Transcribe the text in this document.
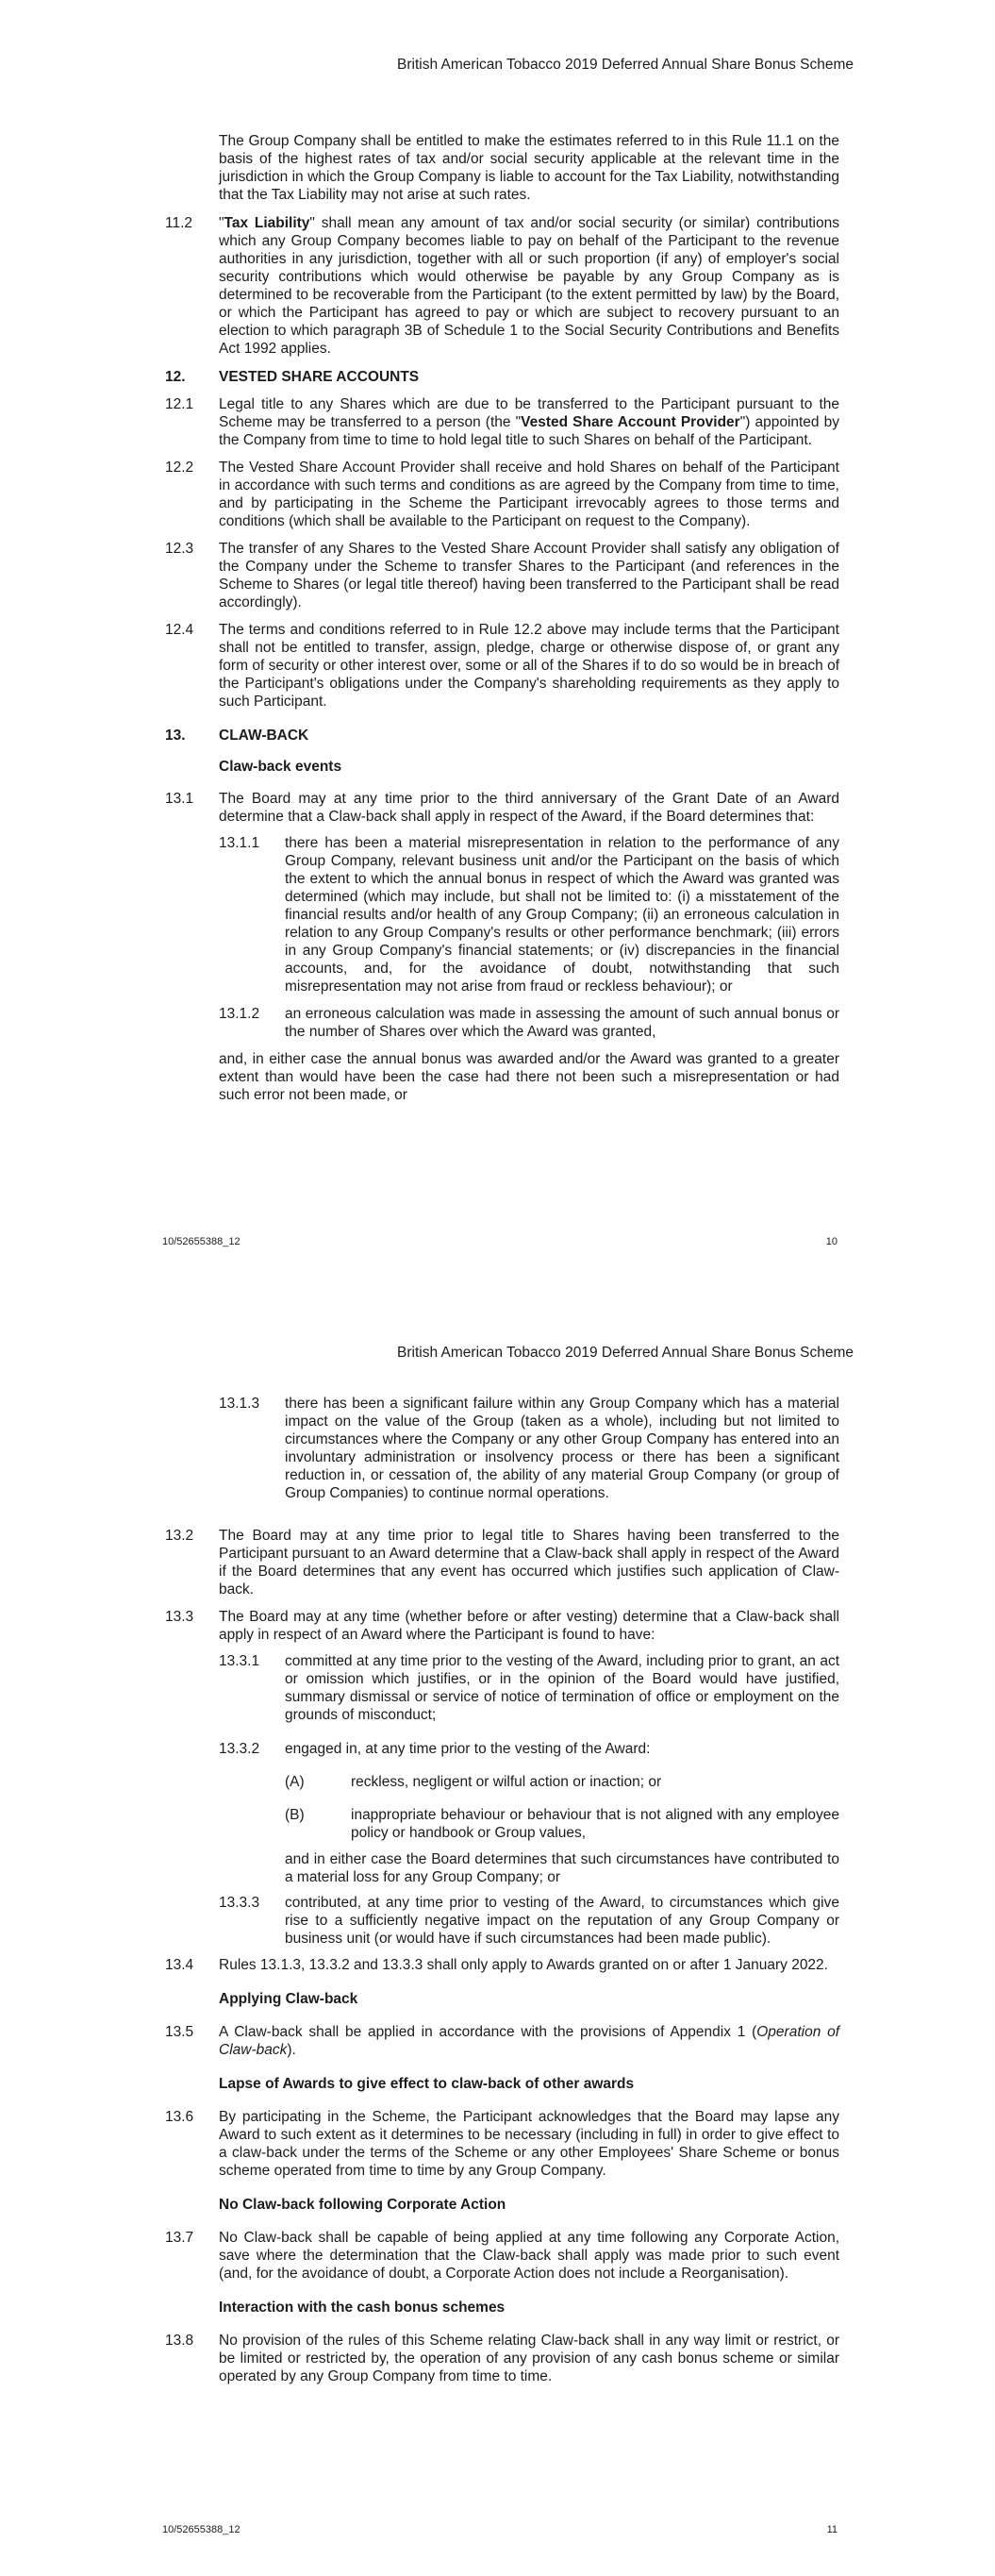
British American Tobacco 2019 Deferred Annual Share Bonus Scheme
The Group Company shall be entitled to make the estimates referred to in this Rule 11.1 on the basis of the highest rates of tax and/or social security applicable at the relevant time in the jurisdiction in which the Group Company is liable to account for the Tax Liability, notwithstanding that the Tax Liability may not arise at such rates.
11.2 "Tax Liability" shall mean any amount of tax and/or social security (or similar) contributions which any Group Company becomes liable to pay on behalf of the Participant to the revenue authorities in any jurisdiction, together with all or such proportion (if any) of employer's social security contributions which would otherwise be payable by any Group Company as is determined to be recoverable from the Participant (to the extent permitted by law) by the Board, or which the Participant has agreed to pay or which are subject to recovery pursuant to an election to which paragraph 3B of Schedule 1 to the Social Security Contributions and Benefits Act 1992 applies.
12. VESTED SHARE ACCOUNTS
12.1 Legal title to any Shares which are due to be transferred to the Participant pursuant to the Scheme may be transferred to a person (the "Vested Share Account Provider") appointed by the Company from time to time to hold legal title to such Shares on behalf of the Participant.
12.2 The Vested Share Account Provider shall receive and hold Shares on behalf of the Participant in accordance with such terms and conditions as are agreed by the Company from time to time, and by participating in the Scheme the Participant irrevocably agrees to those terms and conditions (which shall be available to the Participant on request to the Company).
12.3 The transfer of any Shares to the Vested Share Account Provider shall satisfy any obligation of the Company under the Scheme to transfer Shares to the Participant (and references in the Scheme to Shares (or legal title thereof) having been transferred to the Participant shall be read accordingly).
12.4 The terms and conditions referred to in Rule 12.2 above may include terms that the Participant shall not be entitled to transfer, assign, pledge, charge or otherwise dispose of, or grant any form of security or other interest over, some or all of the Shares if to do so would be in breach of the Participant's obligations under the Company's shareholding requirements as they apply to such Participant.
13. CLAW-BACK
Claw-back events
13.1 The Board may at any time prior to the third anniversary of the Grant Date of an Award determine that a Claw-back shall apply in respect of the Award, if the Board determines that:
13.1.1 there has been a material misrepresentation in relation to the performance of any Group Company, relevant business unit and/or the Participant on the basis of which the extent to which the annual bonus in respect of which the Award was granted was determined (which may include, but shall not be limited to: (i) a misstatement of the financial results and/or health of any Group Company; (ii) an erroneous calculation in relation to any Group Company's results or other performance benchmark; (iii) errors in any Group Company's financial statements; or (iv) discrepancies in the financial accounts, and, for the avoidance of doubt, notwithstanding that such misrepresentation may not arise from fraud or reckless behaviour); or
13.1.2 an erroneous calculation was made in assessing the amount of such annual bonus or the number of Shares over which the Award was granted,
and, in either case the annual bonus was awarded and/or the Award was granted to a greater extent than would have been the case had there not been such a misrepresentation or had such error not been made, or
10/52655388_12	10
British American Tobacco 2019 Deferred Annual Share Bonus Scheme
13.1.3 there has been a significant failure within any Group Company which has a material impact on the value of the Group (taken as a whole), including but not limited to circumstances where the Company or any other Group Company has entered into an involuntary administration or insolvency process or there has been a significant reduction in, or cessation of, the ability of any material Group Company (or group of Group Companies) to continue normal operations.
13.2 The Board may at any time prior to legal title to Shares having been transferred to the Participant pursuant to an Award determine that a Claw-back shall apply in respect of the Award if the Board determines that any event has occurred which justifies such application of Claw-back.
13.3 The Board may at any time (whether before or after vesting) determine that a Claw-back shall apply in respect of an Award where the Participant is found to have:
13.3.1 committed at any time prior to the vesting of the Award, including prior to grant, an act or omission which justifies, or in the opinion of the Board would have justified, summary dismissal or service of notice of termination of office or employment on the grounds of misconduct;
13.3.2 engaged in, at any time prior to the vesting of the Award:
(A)	reckless, negligent or wilful action or inaction; or
(B)	inappropriate behaviour or behaviour that is not aligned with any employee policy or handbook or Group values,
and in either case the Board determines that such circumstances have contributed to a material loss for any Group Company; or
13.3.3 contributed, at any time prior to vesting of the Award, to circumstances which give rise to a sufficiently negative impact on the reputation of any Group Company or business unit (or would have if such circumstances had been made public).
13.4 Rules 13.1.3, 13.3.2 and 13.3.3 shall only apply to Awards granted on or after 1 January 2022.
Applying Claw-back
13.5 A Claw-back shall be applied in accordance with the provisions of Appendix 1 (Operation of Claw-back).
Lapse of Awards to give effect to claw-back of other awards
13.6 By participating in the Scheme, the Participant acknowledges that the Board may lapse any Award to such extent as it determines to be necessary (including in full) in order to give effect to a claw-back under the terms of the Scheme or any other Employees' Share Scheme or bonus scheme operated from time to time by any Group Company.
No Claw-back following Corporate Action
13.7 No Claw-back shall be capable of being applied at any time following any Corporate Action, save where the determination that the Claw-back shall apply was made prior to such event (and, for the avoidance of doubt, a Corporate Action does not include a Reorganisation).
Interaction with the cash bonus schemes
13.8 No provision of the rules of this Scheme relating Claw-back shall in any way limit or restrict, or be limited or restricted by, the operation of any provision of any cash bonus scheme or similar operated by any Group Company from time to time.
10/52655388_12	11
